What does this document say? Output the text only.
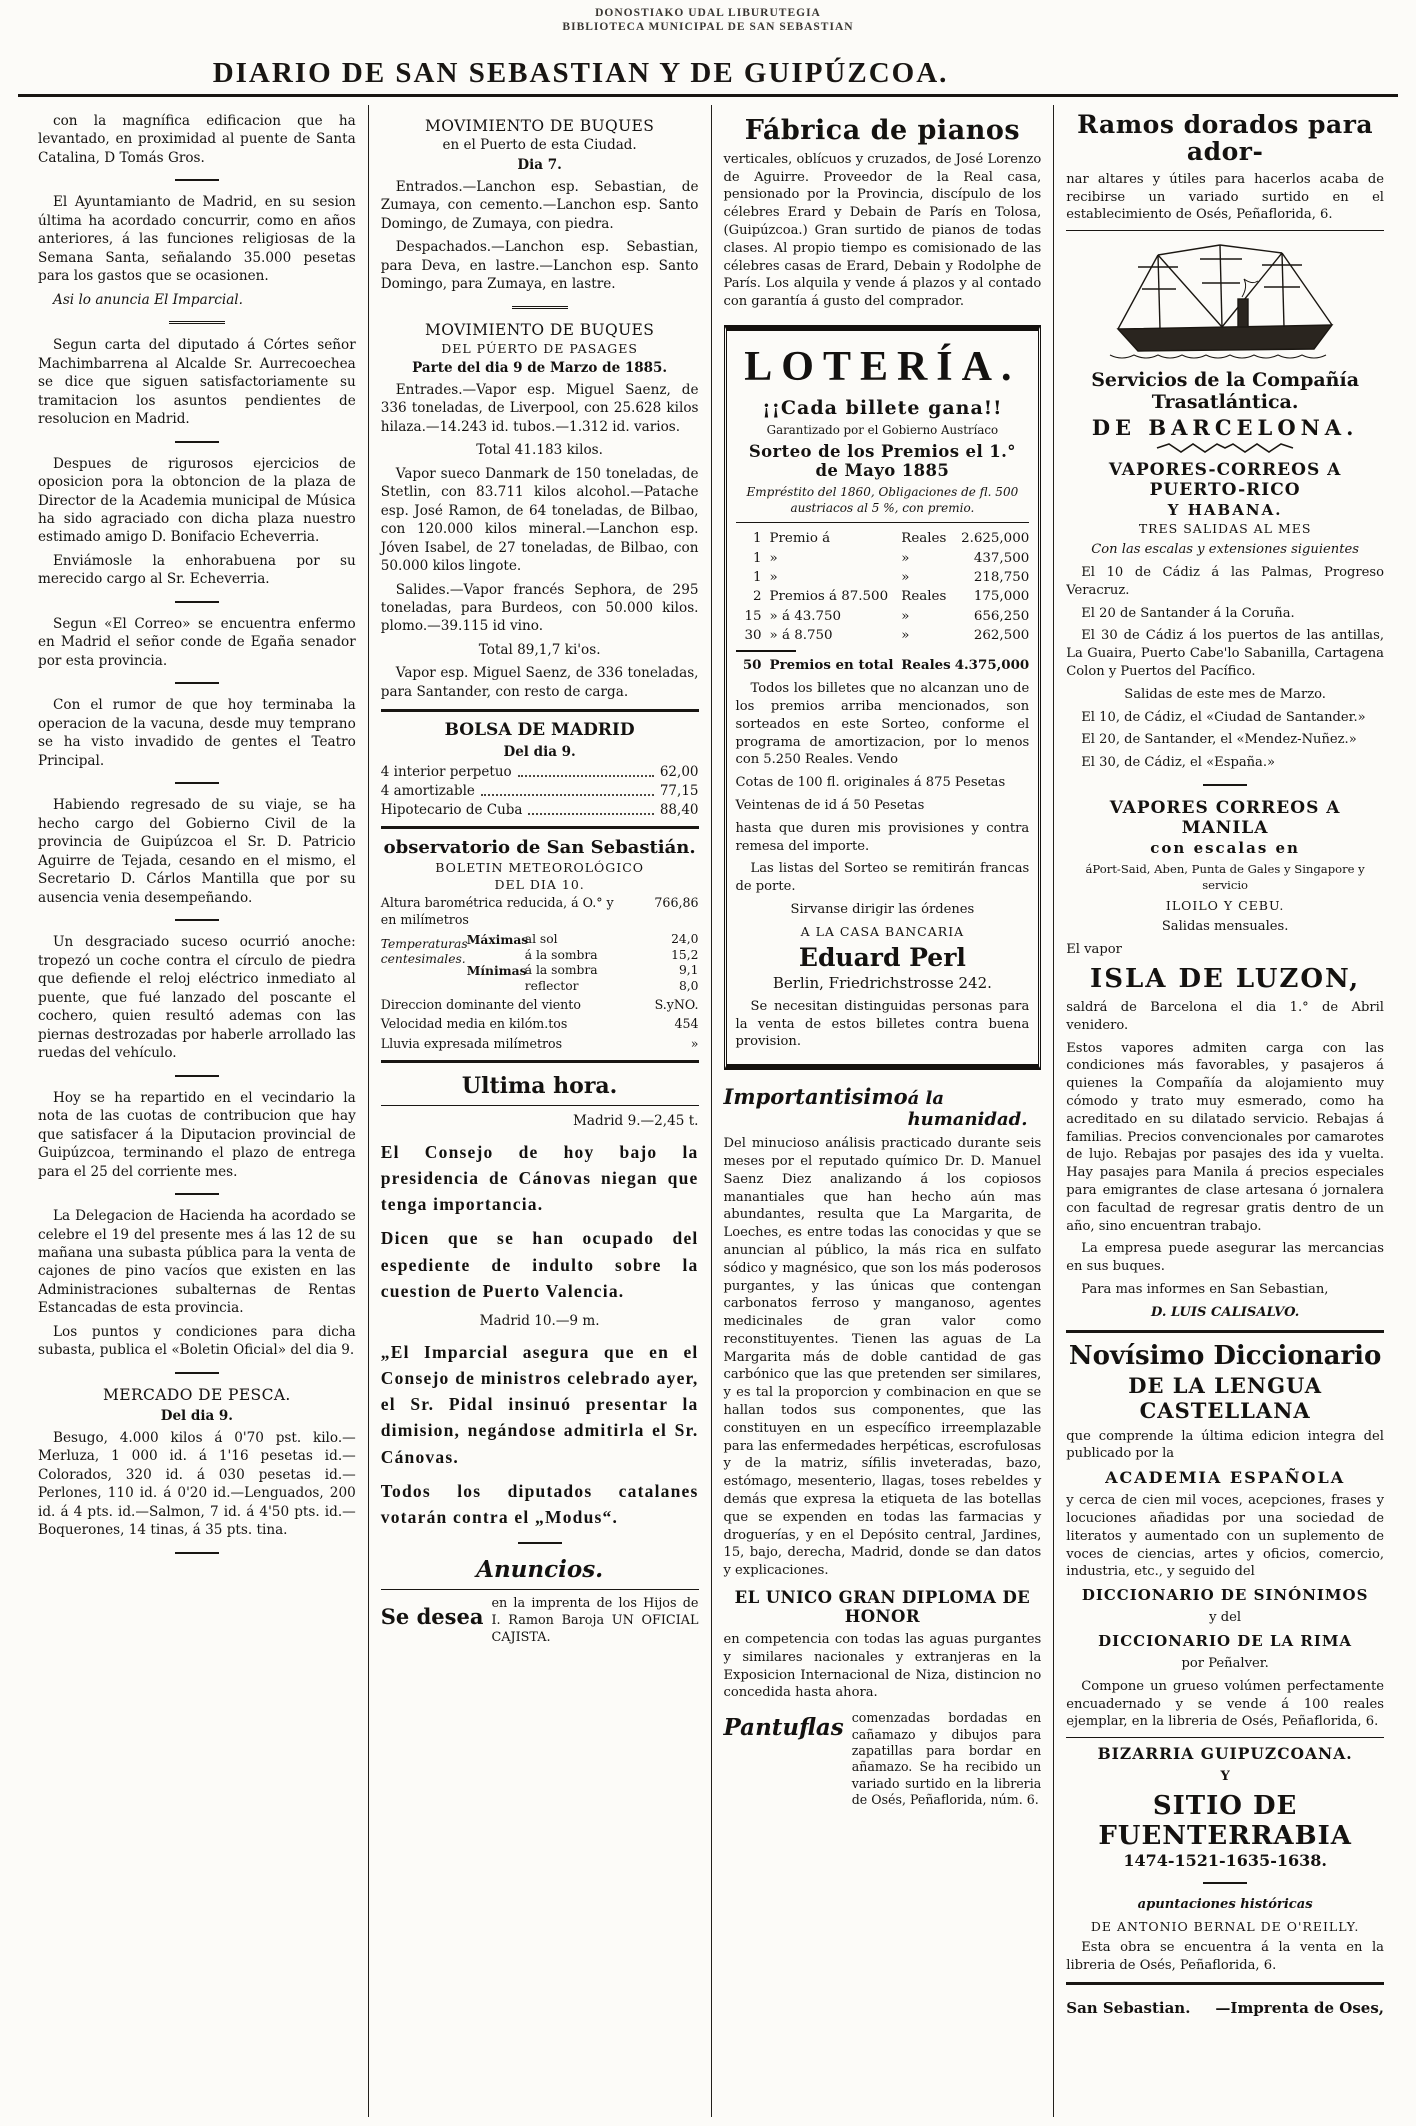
DONOSTIAKO UDAL LIBURUTEGIA
BIBLIOTECA MUNICIPAL DE SAN SEBASTIAN
DIARIO DE SAN SEBASTIAN Y DE GUIPÚZCOA.
con la magnífica edificacion que ha levantado, en proximidad al puente de Santa Catalina, D Tomás Gros.
El Ayuntamianto de Madrid, en su sesion última ha acordado concurrir, como en años anteriores, á las funciones religiosas de la Semana Santa, señalando 35.000 pesetas para los gastos que se ocasionen.
Asi lo anuncia El Imparcial.
Segun carta del diputado á Córtes señor Machimbarrena al Alcalde Sr. Aurrecoechea se dice que siguen satisfactoriamente su tramitacion los asuntos pendientes de resolucion en Madrid.
Despues de rigurosos ejercicios de oposicion pora la obtoncion de la plaza de Director de la Academia municipal de Música ha sido agraciado con dicha plaza nuestro estimado amigo D. Bonifacio Echeverria.
Enviámosle la enhorabuena por su merecido cargo al Sr. Echeverria.
Segun «El Correo» se encuentra enfermo en Madrid el señor conde de Egaña senador por esta provincia.
Con el rumor de que hoy terminaba la operacion de la vacuna, desde muy temprano se ha visto invadido de gentes el Teatro Principal.
Habiendo regresado de su viaje, se ha hecho cargo del Gobierno Civil de la provincia de Guipúzcoa el Sr. D. Patricio Aguirre de Tejada, cesando en el mismo, el Secretario D. Cárlos Mantilla que por su ausencia venia desempeñando.
Un desgraciado suceso ocurrió anoche: tropezó un coche contra el círculo de piedra que defiende el reloj eléctrico inmediato al puente, que fué lanzado del poscante el cochero, quien resultó ademas con las piernas destrozadas por haberle arrollado las ruedas del vehículo.
Hoy se ha repartido en el vecindario la nota de las cuotas de contribucion que hay que satisfacer á la Diputacion provincial de Guipúzcoa, terminando el plazo de entrega para el 25 del corriente mes.
La Delegacion de Hacienda ha acordado se celebre el 19 del presente mes á las 12 de su mañana una subasta pública para la venta de cajones de pino vacíos que existen en las Administraciones subalternas de Rentas Estancadas de esta provincia.
Los puntos y condiciones para dicha subasta, publica el «Boletin Oficial» del dia 9.
MERCADO DE PESCA.
Del dia 9.
Besugo, 4.000 kilos á 0'70 pst. kilo.—Merluza, 1 000 id. á 1'16 pesetas id.—Colorados, 320 id. á 030 pesetas id.—Perlones, 110 id. á 0'20 id.—Lenguados, 200 id. á 4 pts. id.—Salmon, 7 id. á 4'50 pts. id.—Boquerones, 14 tinas, á 35 pts. tina.
MOVIMIENTO DE BUQUES
en el Puerto de esta Ciudad.
Dia 7.
Entrados.—Lanchon esp. Sebastian, de Zumaya, con cemento.—Lanchon esp. Santo Domingo, de Zumaya, con piedra.
Despachados.—Lanchon esp. Sebastian, para Deva, en lastre.—Lanchon esp. Santo Domingo, para Zumaya, en lastre.
MOVIMIENTO DE BUQUES
DEL PÚERTO DE PASAGES
Parte del dia 9 de Marzo de 1885.
Entrades.—Vapor esp. Miguel Saenz, de 336 toneladas, de Liverpool, con 25.628 kilos hilaza.—14.243 id. tubos.—1.312 id. varios.
Total 41.183 kilos.
Vapor sueco Danmark de 150 toneladas, de Stetlin, con 83.711 kilos alcohol.—Patache esp. José Ramon, de 64 toneladas, de Bilbao, con 120.000 kilos mineral.—Lanchon esp. Jóven Isabel, de 27 toneladas, de Bilbao, con 50.000 kilos lingote.
Salides.—Vapor francés Sephora, de 295 toneladas, para Burdeos, con 50.000 kilos. plomo.—39.115 id vino.
Total 89,1,7 ki'os.
Vapor esp. Miguel Saenz, de 336 toneladas, para Santander, con resto de carga.
BOLSA DE MADRID
Del dia 9.
4 interior perpetuo	62,00
4 amortizable	77,15
Hipotecario de Cuba	88,40
observatorio de San Sebastián.
BOLETIN METEOROLÓGICO
DEL DIA 10.
Altura barométrica reducida, á O.° y en milímetros
766,86
Temperaturas centesimales.
Máximas
al sol	24,0
á la sombra	15,2
Mínimas
á la sombra	9,1
reflector	8,0
Direccion dominante del viento	S.yNO.
Velocidad media en kilóm.tos	454
Lluvia expresada milímetros	»
Ultima hora.
Madrid 9.—2,45 t.
El Consejo de hoy bajo la presidencia de Cánovas niegan que tenga importancia.
Dicen que se han ocupado del espediente de indulto sobre la cuestion de Puerto Valencia.
Madrid 10.—9 m.
„El Imparcial asegura que en el Consejo de ministros celebrado ayer, el Sr. Pidal insinuó presentar la dimision, negándose admitirla el Sr. Cánovas.
Todos los diputados catalanes votarán contra el „Modus“.
Anuncios.
Se desea
en la imprenta de los Hijos de I. Ramon Baroja UN OFICIAL CAJISTA.
Fábrica de pianos
verticales, oblícuos y cruzados, de José Lorenzo de Aguirre. Proveedor de la Real casa, pensionado por la Provincia, discípulo de los célebres Erard y Debain de París en Tolosa, (Guipúzcoa.) Gran surtido de pianos de todas clases. Al propio tiempo es comisionado de las célebres casas de Erard, Debain y Rodolphe de París. Los alquila y vende á plazos y al contado con garantía á gusto del comprador.
LOTERÍA.
¡¡Cada billete gana!!
Garantizado por el Gobierno Austríaco
Sorteo de los Premios el 1.° de Mayo 1885
Empréstito del 1860, Obligaciones de fl. 500 austriacos al 5 %, con premio.
1 Premio á	Reales	2.625,000
1 »	»	437,500
1 »	»	218,750
2 Premios á 87.500 Reales	175,000
15 » á 43.750	»	656,250
30 » á 8.750	»	262,500
50 Premios en total Reales 4.375,000
Todos los billetes que no alcanzan uno de los premios arriba mencionados, son sorteados en este Sorteo, conforme el programa de amortizacion, por lo menos con 5.250 Reales. Vendo
Cotas de 100 fl. originales á 875 Pesetas
Veintenas de id á 50 Pesetas
hasta que duren mis provisiones y contra remesa del importe.
Las listas del Sorteo se remitirán francas de porte.
Sirvanse dirigir las órdenes
A LA CASA BANCARIA
Eduard Perl
Berlin, Friedrichstrosse 242.
Se necesitan distinguidas personas para la venta de estos billetes contra buena provision.
Importantisimo á la humanidad.
Del minucioso análisis practicado durante seis meses por el reputado químico Dr. D. Manuel Saenz Diez analizando á los copiosos manantiales que han hecho aún mas abundantes, resulta que La Margarita, de Loeches, es entre todas las conocidas y que se anuncian al público, la más rica en sulfato sódico y magnésico, que son los más poderosos purgantes, y las únicas que contengan carbonatos ferroso y manganoso, agentes medicinales de gran valor como reconstituyentes. Tienen las aguas de La Margarita más de doble cantidad de gas carbónico que las que pretenden ser similares, y es tal la proporcion y combinacion en que se hallan todos sus componentes, que las constituyen en un específico irreemplazable para las enfermedades herpéticas, escrofulosas y de la matriz, sífilis inveteradas, bazo, estómago, mesenterio, llagas, toses rebeldes y demás que expresa la etiqueta de las botellas que se expenden en todas las farmacias y droguerías, y en el Depósito central, Jardines, 15, bajo, derecha, Madrid, donde se dan datos y explicaciones.
EL UNICO GRAN DIPLOMA DE HONOR
en competencia con todas las aguas purgantes y similares nacionales y extranjeras en la Exposicion Internacional de Niza, distincion no concedida hasta ahora.
Pantuflas comenzadas bordadas en cañamazo y dibujos para zapatillas para bordar en añamazo. Se ha recibido un variado surtido en la libreria de Osés, Peñaflorida, núm. 6.
Ramos dorados para ador-
nar altares y útiles para hacerlos acaba de recibirse un variado surtido en el establecimiento de Osés, Peñaflorida, 6.
Servicios de la Compañía Trasatlántica.
DE BARCELONA.
VAPORES-CORREOS A PUERTO-RICO
Y HABANA.
TRES SALIDAS AL MES
Con las escalas y extensiones siguientes
El 10 de Cádiz á las Palmas, Progreso Veracruz.
El 20 de Santander á la Coruña.
El 30 de Cádiz á los puertos de las antillas, La Guaira, Puerto Cabe'lo Sabanilla, Cartagena Colon y Puertos del Pacífico.
Salidas de este mes de Marzo.
El 10, de Cádiz, el «Ciudad de Santander.»
El 20, de Santander, el «Mendez-Nuñez.»
El 30, de Cádiz, el «España.»
VAPORES CORREOS A MANILA
con escalas en
áPort-Said, Aben, Punta de Gales y Singapore y servicio
ILOILO Y CEBU.
Salidas mensuales.
El vapor
ISLA DE LUZON,
saldrá de Barcelona el dia 1.° de Abril venidero.
Estos vapores admiten carga con las condiciones más favorables, y pasajeros á quienes la Compañía da alojamiento muy cómodo y trato muy esmerado, como ha acreditado en su dilatado servicio. Rebajas á familias. Precios convencionales por camarotes de lujo. Rebajas por pasajes des ida y vuelta. Hay pasajes para Manila á precios especiales para emigrantes de clase artesana ó jornalera con facultad de regresar gratis dentro de un año, sino encuentran trabajo.
La empresa puede asegurar las mercancias en sus buques.
Para mas informes en San Sebastian,
D. LUIS CALISALVO.
Novísimo Diccionario
DE LA LENGUA CASTELLANA
que comprende la última edicion integra del publicado por la
ACADEMIA ESPAÑOLA
y cerca de cien mil voces, acepciones, frases y locuciones añadidas por una sociedad de literatos y aumentado con un suplemento de voces de ciencias, artes y oficios, comercio, industria, etc., y seguido del
DICCIONARIO DE SINÓNIMOS
y del
DICCIONARIO DE LA RIMA
por Peñalver.
Compone un grueso volúmen perfectamente encuadernado y se vende á 100 reales ejemplar, en la libreria de Osés, Peñaflorida, 6.
BIZARRIA GUIPUZCOANA.
Y
SITIO DE FUENTERRABIA
1474-1521-1635-1638.
apuntaciones históricas
DE ANTONIO BERNAL DE O'REILLY.
Esta obra se encuentra á la venta en la libreria de Osés, Peñaflorida, 6.
San Sebastian. —Imprenta de Oses,
